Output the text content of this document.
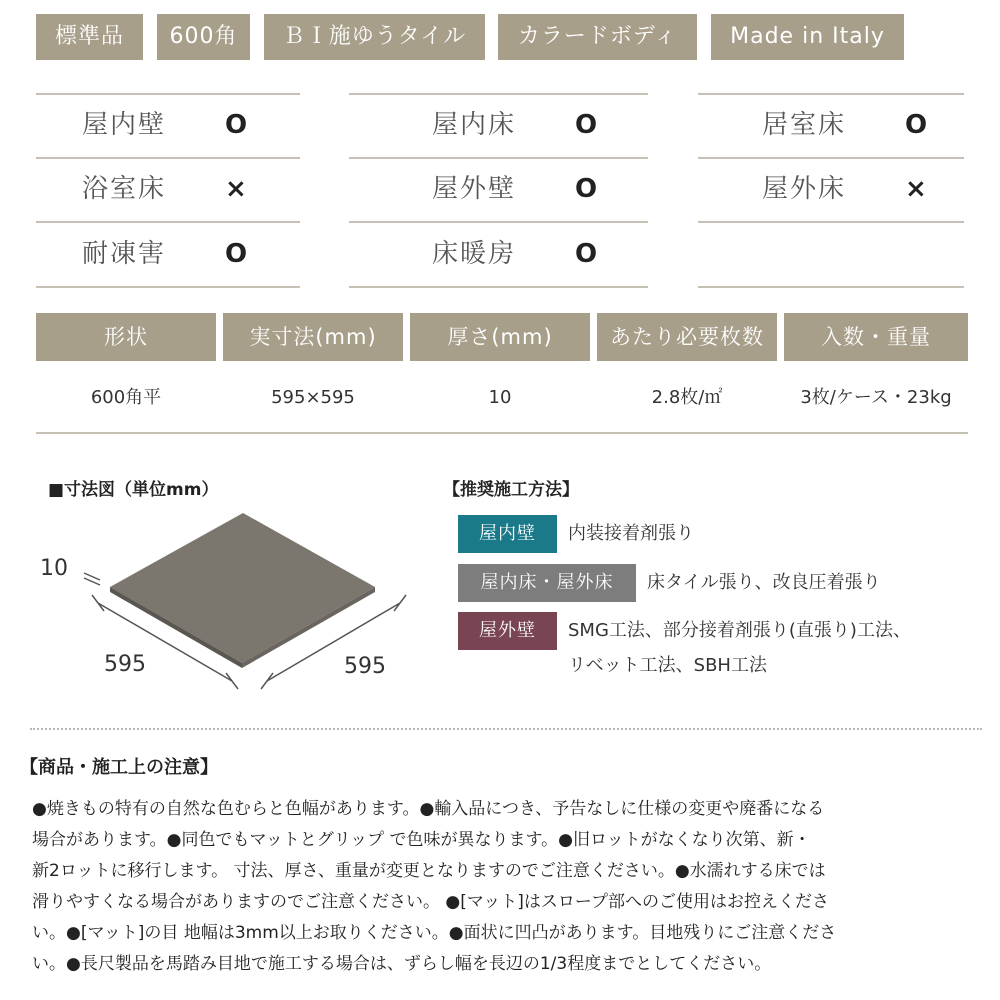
標準品	600角	ＢＩ施ゆうタイル	カラードボディ	Made in Italy
屋内壁 O	屋内床 O	居室床 O
浴室床 ×	屋外壁 O	屋外床 ×
耐凍害 O	床暖房 O
形状	実寸法(mm)	厚さ(mm)	あたり必要枚数	入数・重量
600角平	595×595	10	2.8枚/㎡	3枚/ケース・23kg
■寸法図（単位mm）
10
595	595
【推奨施工方法】
屋内壁	内装接着剤張り
屋内床・屋外床	床タイル張り、改良圧着張り
屋外壁	SMG工法、部分接着剤張り(直張り)工法、
リベット工法、SBH工法
【商品・施工上の注意】
●焼きもの特有の自然な色むらと色幅があります。●輸入品につき、予告なしに仕様の変更や廃番になる
場合があります。●同色でもマットとグリップ で色味が異なります。●旧ロットがなくなり次第、新・
新2ロットに移行します。 寸法、厚さ、重量が変更となりますのでご注意ください。●水濡れする床では
滑りやすくなる場合がありますのでご注意ください。 ●[マット]はスロープ部へのご使用はお控えくださ
い。●[マット]の目 地幅は3mm以上お取りください。●面状に凹凸があります。目地残りにご注意くださ
い。●長尺製品を馬踏み目地で施工する場合は、ずらし幅を長辺の1/3程度までとしてください。
